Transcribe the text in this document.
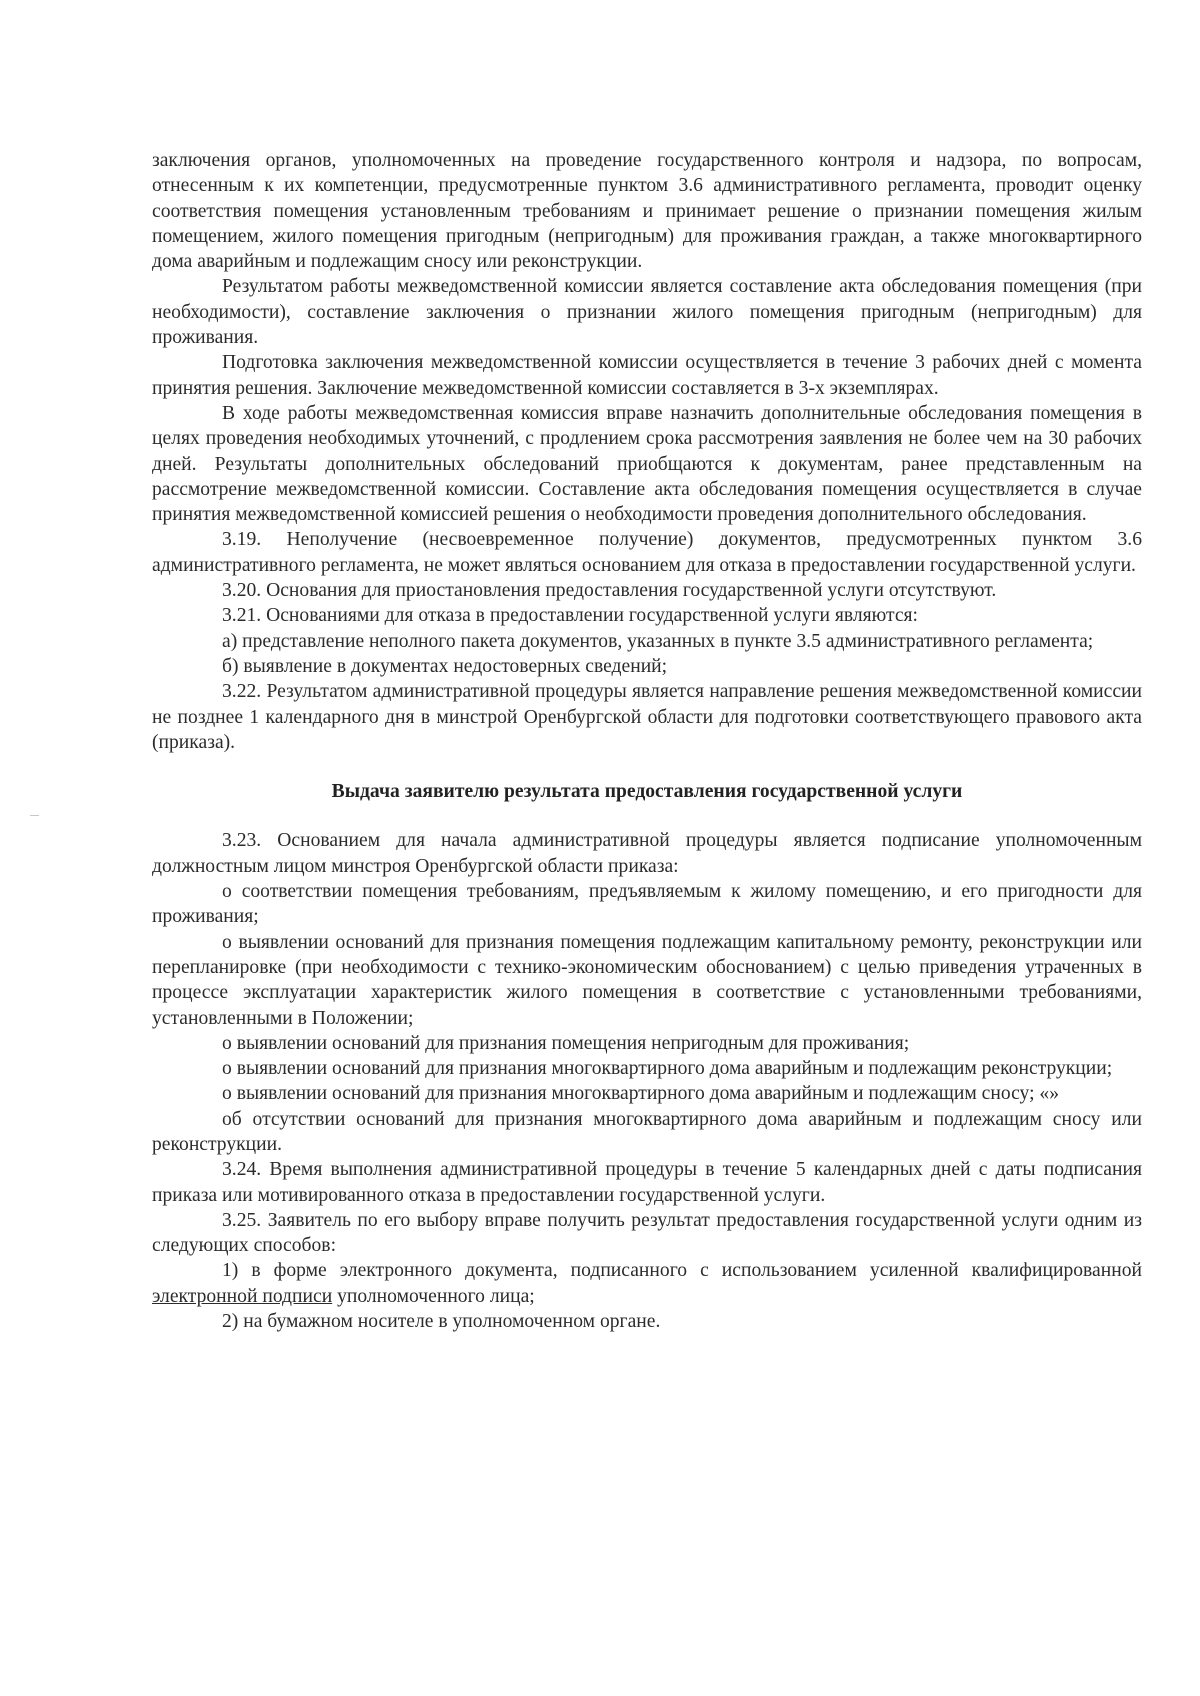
заключения органов, уполномоченных на проведение государственного контроля и надзора, по вопросам, отнесенным к их компетенции, предусмотренные пунктом 3.6 административного регламента, проводит оценку соответствия помещения установленным требованиям и принимает решение о признании помещения жилым помещением, жилого помещения пригодным (непригодным) для проживания граждан, а также многоквартирного дома аварийным и подлежащим сносу или реконструкции.

Результатом работы межведомственной комиссии является составление акта обследования помещения (при необходимости), составление заключения о признании жилого помещения пригодным (непригодным) для проживания.

Подготовка заключения межведомственной комиссии осуществляется в течение 3 рабочих дней с момента принятия решения. Заключение межведомственной комиссии составляется в 3-х экземплярах.

В ходе работы межведомственная комиссия вправе назначить дополнительные обследования помещения в целях проведения необходимых уточнений, с продлением срока рассмотрения заявления не более чем на 30 рабочих дней. Результаты дополнительных обследований приобщаются к документам, ранее представленным на рассмотрение межведомственной комиссии. Составление акта обследования помещения осуществляется в случае принятия межведомственной комиссией решения о необходимости проведения дополнительного обследования.

3.19. Неполучение (несвоевременное получение) документов, предусмотренных пунктом 3.6 административного регламента, не может являться основанием для отказа в предоставлении государственной услуги.

3.20. Основания для приостановления предоставления государственной услуги отсутствуют.

3.21. Основаниями для отказа в предоставлении государственной услуги являются:

а) представление неполного пакета документов, указанных в пункте 3.5 административного регламента;

б) выявление в документах недостоверных сведений;

3.22. Результатом административной процедуры является направление решения межведомственной комиссии не позднее 1 календарного дня в минстрой Оренбургской области для подготовки соответствующего правового акта (приказа).

Выдача заявителю результата предоставления государственной услуги

3.23. Основанием для начала административной процедуры является подписание уполномоченным должностным лицом минстроя Оренбургской области приказа:

о соответствии помещения требованиям, предъявляемым к жилому помещению, и его пригодности для проживания;

о выявлении оснований для признания помещения подлежащим капитальному ремонту, реконструкции или перепланировке (при необходимости с технико-экономическим обоснованием) с целью приведения утраченных в процессе эксплуатации характеристик жилого помещения в соответствие с установленными требованиями, установленными в Положении;

о выявлении оснований для признания помещения непригодным для проживания;

о выявлении оснований для признания многоквартирного дома аварийным и подлежащим реконструкции;

о выявлении оснований для признания многоквартирного дома аварийным и подлежащим сносу; «»

об отсутствии оснований для признания многоквартирного дома аварийным и подлежащим сносу или реконструкции.

3.24. Время выполнения административной процедуры в течение 5 календарных дней с даты подписания приказа или мотивированного отказа в предоставлении государственной услуги.

3.25. Заявитель по его выбору вправе получить результат предоставления государственной услуги одним из следующих способов:

1) в форме электронного документа, подписанного с использованием усиленной квалифицированной электронной подписи уполномоченного лица;

2) на бумажном носителе в уполномоченном органе.
